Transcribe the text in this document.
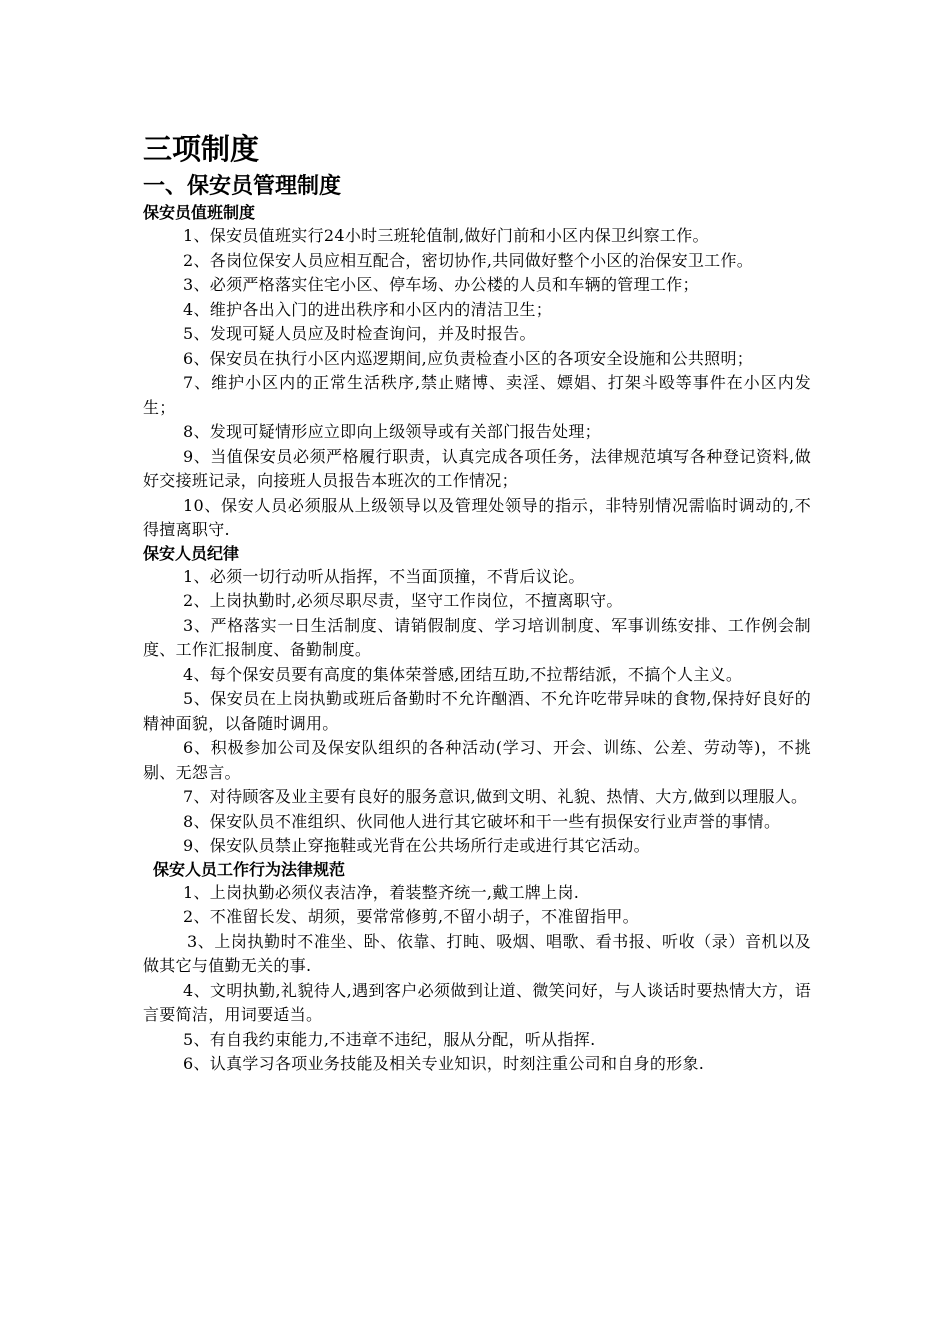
三项制度
一、保安员管理制度
保安员值班制度

1、保安员值班实行24小时三班轮值制,做好门前和小区内保卫纠察工作。

2、各岗位保安人员应相互配合，密切协作,共同做好整个小区的治保安卫工作。

3、必须严格落实住宅小区、停车场、办公楼的人员和车辆的管理工作；

4、维护各出入门的进出秩序和小区内的清洁卫生；

5、发现可疑人员应及时检查询问，并及时报告。

6、保安员在执行小区内巡逻期间,应负责检查小区的各项安全设施和公共照明；

7、维护小区内的正常生活秩序,禁止赌博、卖淫、嫖娼、打架斗殴等事件在小区内发生；

8、发现可疑情形应立即向上级领导或有关部门报告处理；

9、当值保安员必须严格履行职责，认真完成各项任务，法律规范填写各种登记资料,做好交接班记录，向接班人员报告本班次的工作情况；

10、保安人员必须服从上级领导以及管理处领导的指示，非特别情况需临时调动的,不得擅离职守.

保安人员纪律

1、必须一切行动听从指挥，不当面顶撞，不背后议论。

2、上岗执勤时,必须尽职尽责，坚守工作岗位，不擅离职守。

3、严格落实一日生活制度、请销假制度、学习培训制度、军事训练安排、工作例会制度、工作汇报制度、备勤制度。

4、每个保安员要有高度的集体荣誉感,团结互助,不拉帮结派，不搞个人主义。

5、保安员在上岗执勤或班后备勤时不允许酗酒、不允许吃带异味的食物,保持好良好的精神面貌，以备随时调用。

6、积极参加公司及保安队组织的各种活动(学习、开会、训练、公差、劳动等)，不挑剔、无怨言。

7、对待顾客及业主要有良好的服务意识,做到文明、礼貌、热情、大方,做到以理服人。

8、保安队员不准组织、伙同他人进行其它破坏和干一些有损保安行业声誉的事情。

9、保安队员禁止穿拖鞋或光背在公共场所行走或进行其它活动。

保安人员工作行为法律规范

1、上岗执勤必须仪表洁净，着装整齐统一,戴工牌上岗.

2、不准留长发、胡须，要常常修剪,不留小胡子，不准留指甲。

3、上岗执勤时不准坐、卧、依靠、打盹、吸烟、唱歌、看书报、听收（录）音机以及做其它与值勤无关的事.

4、文明执勤,礼貌待人,遇到客户必须做到让道、微笑问好，与人谈话时要热情大方，语言要简洁，用词要适当。

5、有自我约束能力,不违章不违纪，服从分配，听从指挥.

6、认真学习各项业务技能及相关专业知识，时刻注重公司和自身的形象.
